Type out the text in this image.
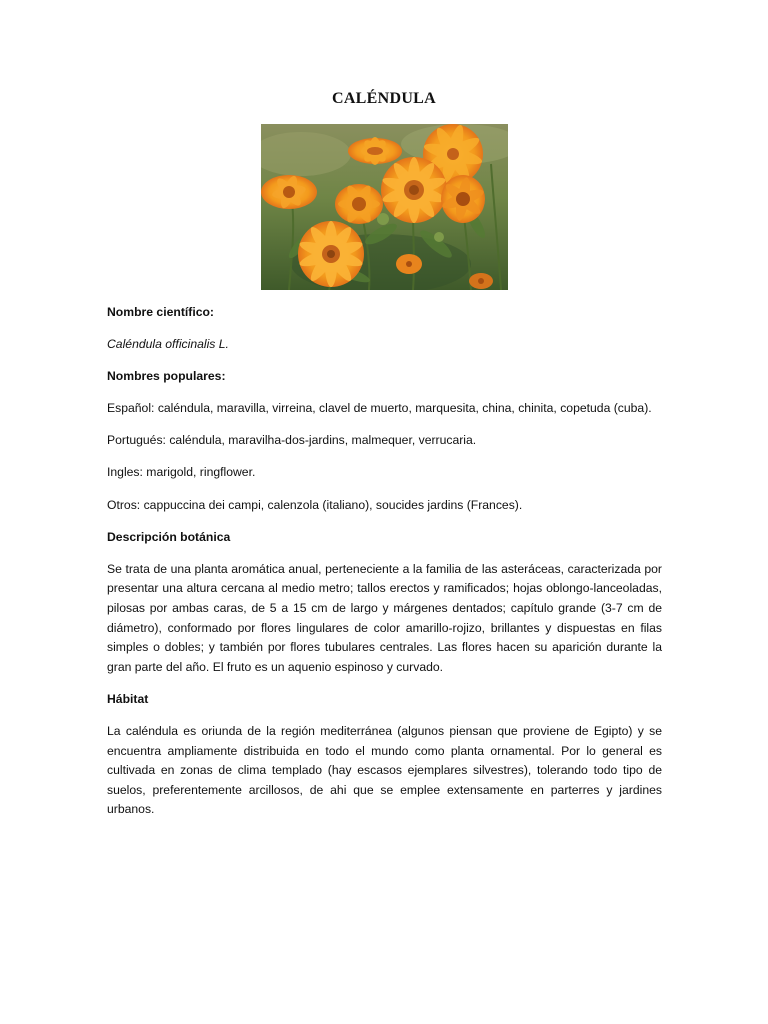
CALÉNDULA

Nombre científico:

Caléndula officinalis L.

Nombres populares:

Español: caléndula, maravilla, virreina, clavel de muerto, marquesita, china, chinita, copetuda (cuba).

Portugués: caléndula, maravilha-dos-jardins, malmequer, verrucaria.

Ingles: marigold, ringflower.

Otros: cappuccina dei campi, calenzola (italiano), soucides jardins (Frances).

Descripción botánica

Se trata de una planta aromática anual, perteneciente a la familia de las asteráceas, caracterizada por presentar una altura cercana al medio metro; tallos erectos y ramificados; hojas oblongo-lanceoladas, pilosas por ambas caras, de 5 a 15 cm de largo y márgenes dentados; capítulo grande (3-7 cm de diámetro), conformado por flores lingulares de color amarillo-rojizo, brillantes y dispuestas en filas simples o dobles; y también por flores tubulares centrales. Las flores hacen su aparición durante la gran parte del año. El fruto es un aquenio espinoso y curvado.

Hábitat

La caléndula es oriunda de la región mediterránea (algunos piensan que proviene de Egipto) y se encuentra ampliamente distribuida en todo el mundo como planta ornamental. Por lo general es cultivada en zonas de clima templado (hay escasos ejemplares silvestres), tolerando todo tipo de suelos, preferentemente arcillosos, de ahi que se emplee extensamente en parterres y jardines urbanos.
